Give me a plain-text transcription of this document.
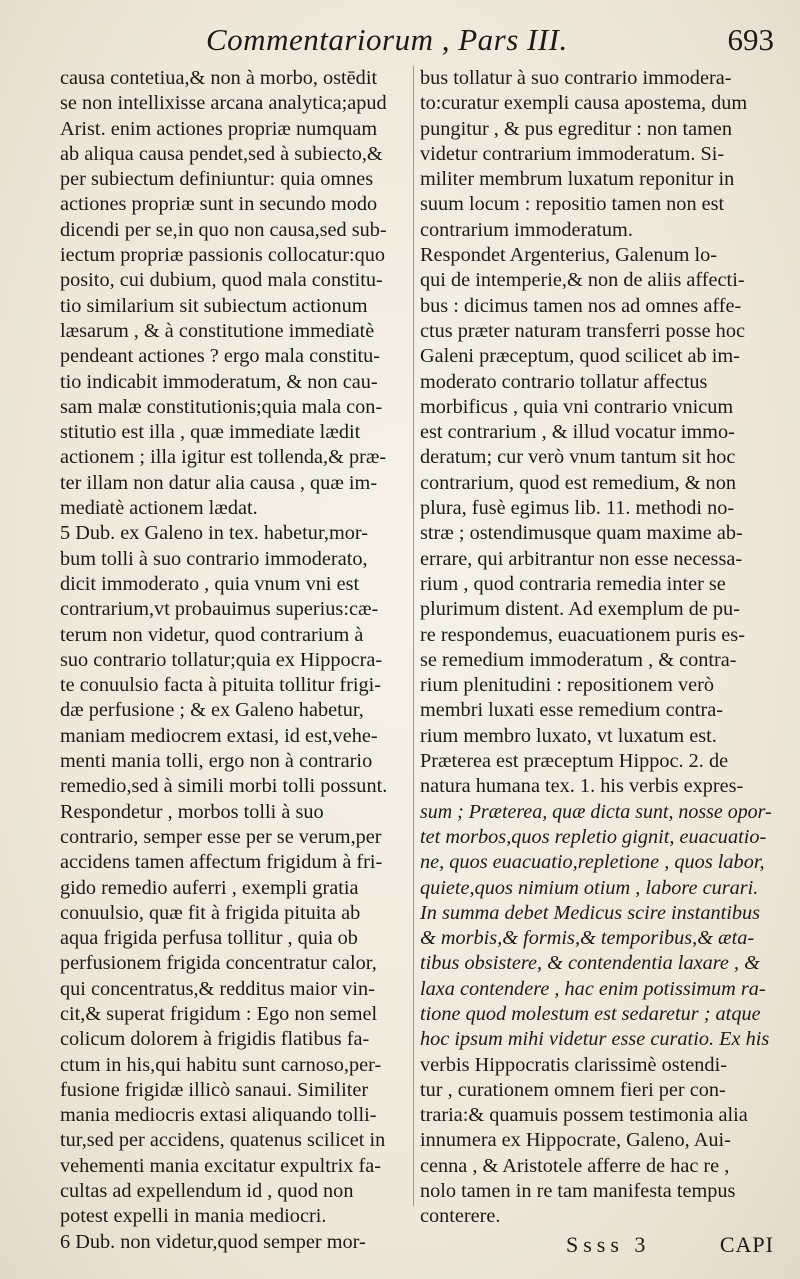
Commentariorum , Pars III.	693
causa contetiua,& non à morbo, ostēdit
se non intellixisse arcana analytica;apud
Arist. enim actiones propriæ numquam
ab aliqua causa pendet,sed à subiecto,&
per subiectum definiuntur: quia omnes
actiones propriæ sunt in secundo modo
dicendi per se,in quo non causa,sed sub-
iectum propriæ passionis collocatur:quo
posito, cui dubium, quod mala constitu-
tio similarium sit subiectum actionum
læsarum , & à constitutione immediatè
pendeant actiones ? ergo mala constitu-
tio indicabit immoderatum, & non cau-
sam malæ constitutionis;quia mala con-
stitutio est illa , quæ immediate lædit
actionem ; illa igitur est tollenda,& præ-
ter illam non datur alia causa , quæ im-
mediatè actionem lædat.
5 Dub. ex Galeno in tex. habetur,mor-
bum tolli à suo contrario immoderato,
dicit immoderato , quia vnum vni est
contrarium,vt probauimus superius:cæ-
terum non videtur, quod contrarium à
suo contrario tollatur;quia ex Hippocra-
te conuulsio facta à pituita tollitur frigi-
dæ perfusione ; & ex Galeno habetur,
maniam mediocrem extasi, id est,vehe-
menti mania tolli, ergo non à contrario
remedio,sed à simili morbi tolli possunt.
Respondetur , morbos tolli à suo
contrario, semper esse per se verum,per
accidens tamen affectum frigidum à fri-
gido remedio auferri , exempli gratia
conuulsio, quæ fit à frigida pituita ab
aqua frigida perfusa tollitur , quia ob
perfusionem frigida concentratur calor,
qui concentratus,& redditus maior vin-
cit,& superat frigidum : Ego non semel
colicum dolorem à frigidis flatibus fa-
ctum in his,qui habitu sunt carnoso,per-
fusione frigidæ illicò sanaui. Similiter
mania mediocris extasi aliquando tolli-
tur,sed per accidens, quatenus scilicet in
vehementi mania excitatur expultrix fa-
cultas ad expellendum id , quod non
potest expelli in mania mediocri.
6 Dub. non videtur,quod semper mor-
bus tollatur à suo contrario immodera-
to:curatur exempli causa apostema, dum
pungitur , & pus egreditur : non tamen
videtur contrarium immoderatum. Si-
militer membrum luxatum reponitur in
suum locum : repositio tamen non est
contrarium immoderatum.
Respondet Argenterius, Galenum lo-
qui de intemperie,& non de aliis affecti-
bus : dicimus tamen nos ad omnes affe-
ctus præter naturam transferri posse hoc
Galeni præceptum, quod scilicet ab im-
moderato contrario tollatur affectus
morbificus , quia vni contrario vnicum
est contrarium , & illud vocatur immo-
deratum; cur verò vnum tantum sit hoc
contrarium, quod est remedium, & non
plura, fusè egimus lib. 11. methodi no-
stræ ; ostendimusque quam maxime ab-
errare, qui arbitrantur non esse necessa-
rium , quod contraria remedia inter se
plurimum distent. Ad exemplum de pu-
re respondemus, euacuationem puris es-
se remedium immoderatum , & contra-
rium plenitudini : repositionem verò
membri luxati esse remedium contra-
rium membro luxato, vt luxatum est.
Præterea est præceptum Hippoc. 2. de
natura humana tex. 1. his verbis expres-
sum ; Præterea, quæ dicta sunt, nosse opor-
tet morbos,quos repletio gignit, euacuatio-
ne, quos euacuatio,repletione , quos labor,
quiete,quos nimium otium , labore curari.
In summa debet Medicus scire instantibus
& morbis,& formis,& temporibus,& æta-
tibus obsistere, & contendentia laxare , &
laxa contendere , hac enim potissimum ra-
tione quod molestum est sedaretur ; atque
hoc ipsum mihi videtur esse curatio. Ex his
verbis Hippocratis clarissimè ostendi-
tur , curationem omnem fieri per con-
traria:& quamuis possem testimonia alia
innumera ex Hippocrate, Galeno, Aui-
cenna , & Aristotele afferre de hac re ,
nolo tamen in re tam manifesta tempus
conterere.
Ssss 3	CAPI
